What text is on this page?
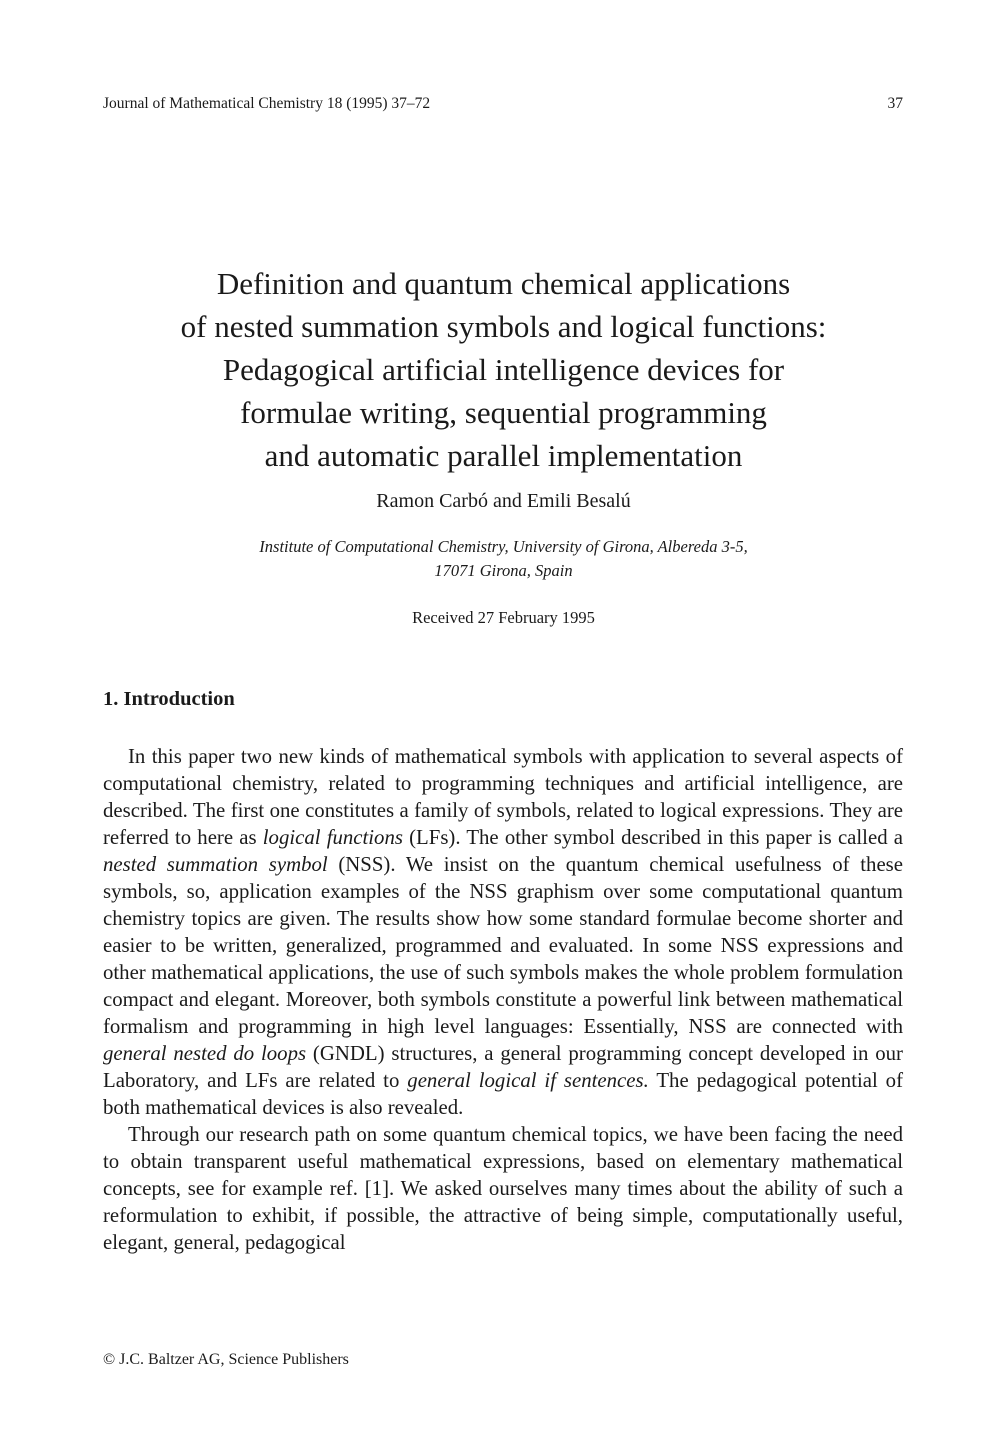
Journal of Mathematical Chemistry 18 (1995) 37–72	37
Definition and quantum chemical applications
of nested summation symbols and logical functions:
Pedagogical artificial intelligence devices for
formulae writing, sequential programming
and automatic parallel implementation
Ramon Carbó and Emili Besalú
Institute of Computational Chemistry, University of Girona, Albereda 3-5,
17071 Girona, Spain
Received 27 February 1995
1. Introduction

In this paper two new kinds of mathematical symbols with application to several aspects of computational chemistry, related to programming techniques and artificial intelligence, are described. The first one constitutes a family of symbols, related to logical expressions. They are referred to here as logical functions (LFs). The other symbol described in this paper is called a nested summation symbol (NSS). We insist on the quantum chemical usefulness of these symbols, so, application examples of the NSS graphism over some computational quantum chemistry topics are given. The results show how some standard formulae become shorter and easier to be written, generalized, programmed and evaluated. In some NSS expressions and other mathematical applications, the use of such symbols makes the whole problem formulation compact and elegant. Moreover, both symbols constitute a powerful link between mathematical formalism and programming in high level languages: Essentially, NSS are connected with general nested do loops (GNDL) structures, a general programming concept developed in our Laboratory, and LFs are related to general logical if sentences. The pedagogical potential of both mathematical devices is also revealed.

Through our research path on some quantum chemical topics, we have been facing the need to obtain transparent useful mathematical expressions, based on elementary mathematical concepts, see for example ref. [1]. We asked ourselves many times about the ability of such a reformulation to exhibit, if possible, the attractive of being simple, computationally useful, elegant, general, pedagogical

© J.C. Baltzer AG, Science Publishers
